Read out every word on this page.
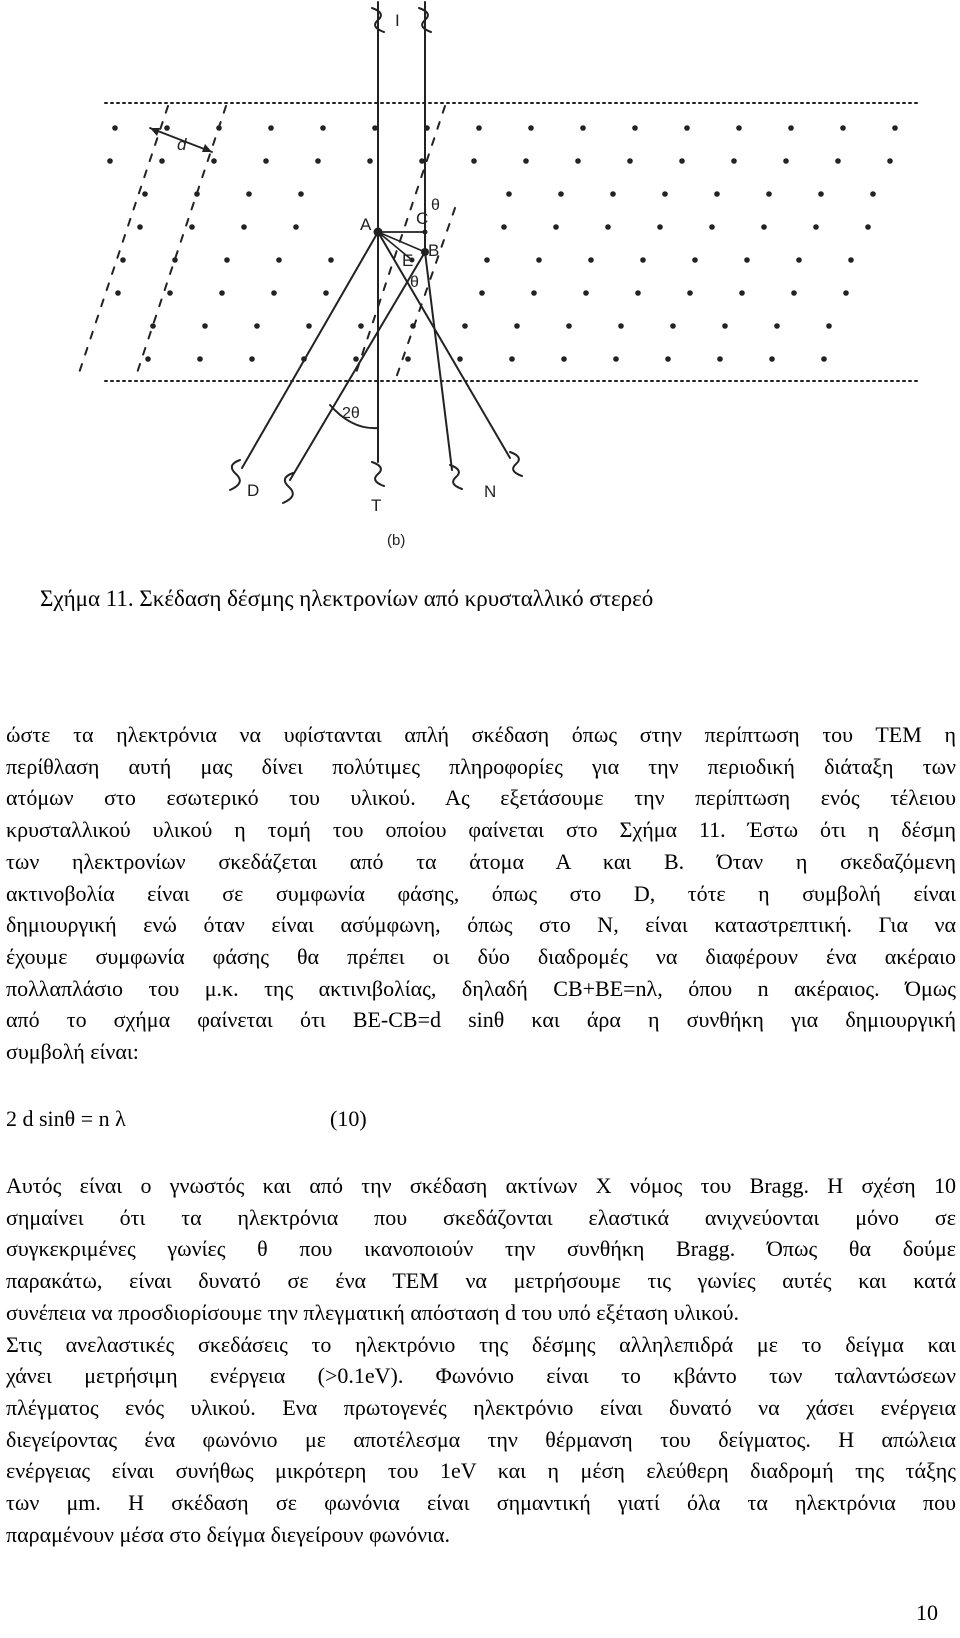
I
d
θ
A	C
B
E
θ
2θ
D
T
N
(b)
Σχήμα 11. Σκέδαση δέσμης ηλεκτρονίων από κρυσταλλικό στερεό
ώστε τα ηλεκτρόνια να υφίστανται απλή σκέδαση όπως στην περίπτωση του ΤΕΜ η
περίθλαση αυτή μας δίνει πολύτιμες πληροφορίες για την περιοδική διάταξη των
ατόμων στο εσωτερικό του υλικού. Ας εξετάσουμε την περίπτωση ενός τέλειου
κρυσταλλικού υλικού η τομή του οποίου φαίνεται στο Σχήμα 11. Έστω ότι η δέσμη
των ηλεκτρονίων σκεδάζεται από τα άτομα Α και Β. Όταν η σκεδαζόμενη
ακτινοβολία είναι σε συμφωνία φάσης, όπως στο D, τότε η συμβολή είναι
δημιουργική ενώ όταν είναι ασύμφωνη, όπως στο Ν, είναι καταστρεπτική. Για να
έχουμε συμφωνία φάσης θα πρέπει οι δύο διαδρομές να διαφέρουν ένα ακέραιο
πολλαπλάσιο του μ.κ. της ακτινιβολίας, δηλαδή CB+BE=nλ, όπου n ακέραιος. Όμως
από το σχήμα φαίνεται ότι BE-CB=d sinθ και άρα η συνθήκη για δημιουργική
συμβολή είναι:
2 d sinθ = n λ	(10)
Αυτός είναι ο γνωστός και από την σκέδαση ακτίνων Χ νόμος του Bragg. Η σχέση 10
σημαίνει ότι τα ηλεκτρόνια που σκεδάζονται ελαστικά ανιχνεύονται μόνο σε
συγκεκριμένες γωνίες θ που ικανοποιούν την συνθήκη Bragg. Όπως θα δούμε
παρακάτω, είναι δυνατό σε ένα ΤΕΜ να μετρήσουμε τις γωνίες αυτές και κατά
συνέπεια να προσδιορίσουμε την πλεγματική απόσταση d του υπό εξέταση υλικού.
Στις ανελαστικές σκεδάσεις το ηλεκτρόνιο της δέσμης αλληλεπιδρά με το δείγμα και
χάνει μετρήσιμη ενέργεια (>0.1eV). Φωνόνιο είναι το κβάντο των ταλαντώσεων
πλέγματος ενός υλικού. Ενα πρωτογενές ηλεκτρόνιο είναι δυνατό να χάσει ενέργεια
διεγείροντας ένα φωνόνιο με αποτέλεσμα την θέρμανση του δείγματος. Η απώλεια
ενέργειας είναι συνήθως μικρότερη του 1eV και η μέση ελεύθερη διαδρομή της τάξης
των μm. Η σκέδαση σε φωνόνια είναι σημαντική γιατί όλα τα ηλεκτρόνια που
παραμένουν μέσα στο δείγμα διεγείρουν φωνόνια.
10
